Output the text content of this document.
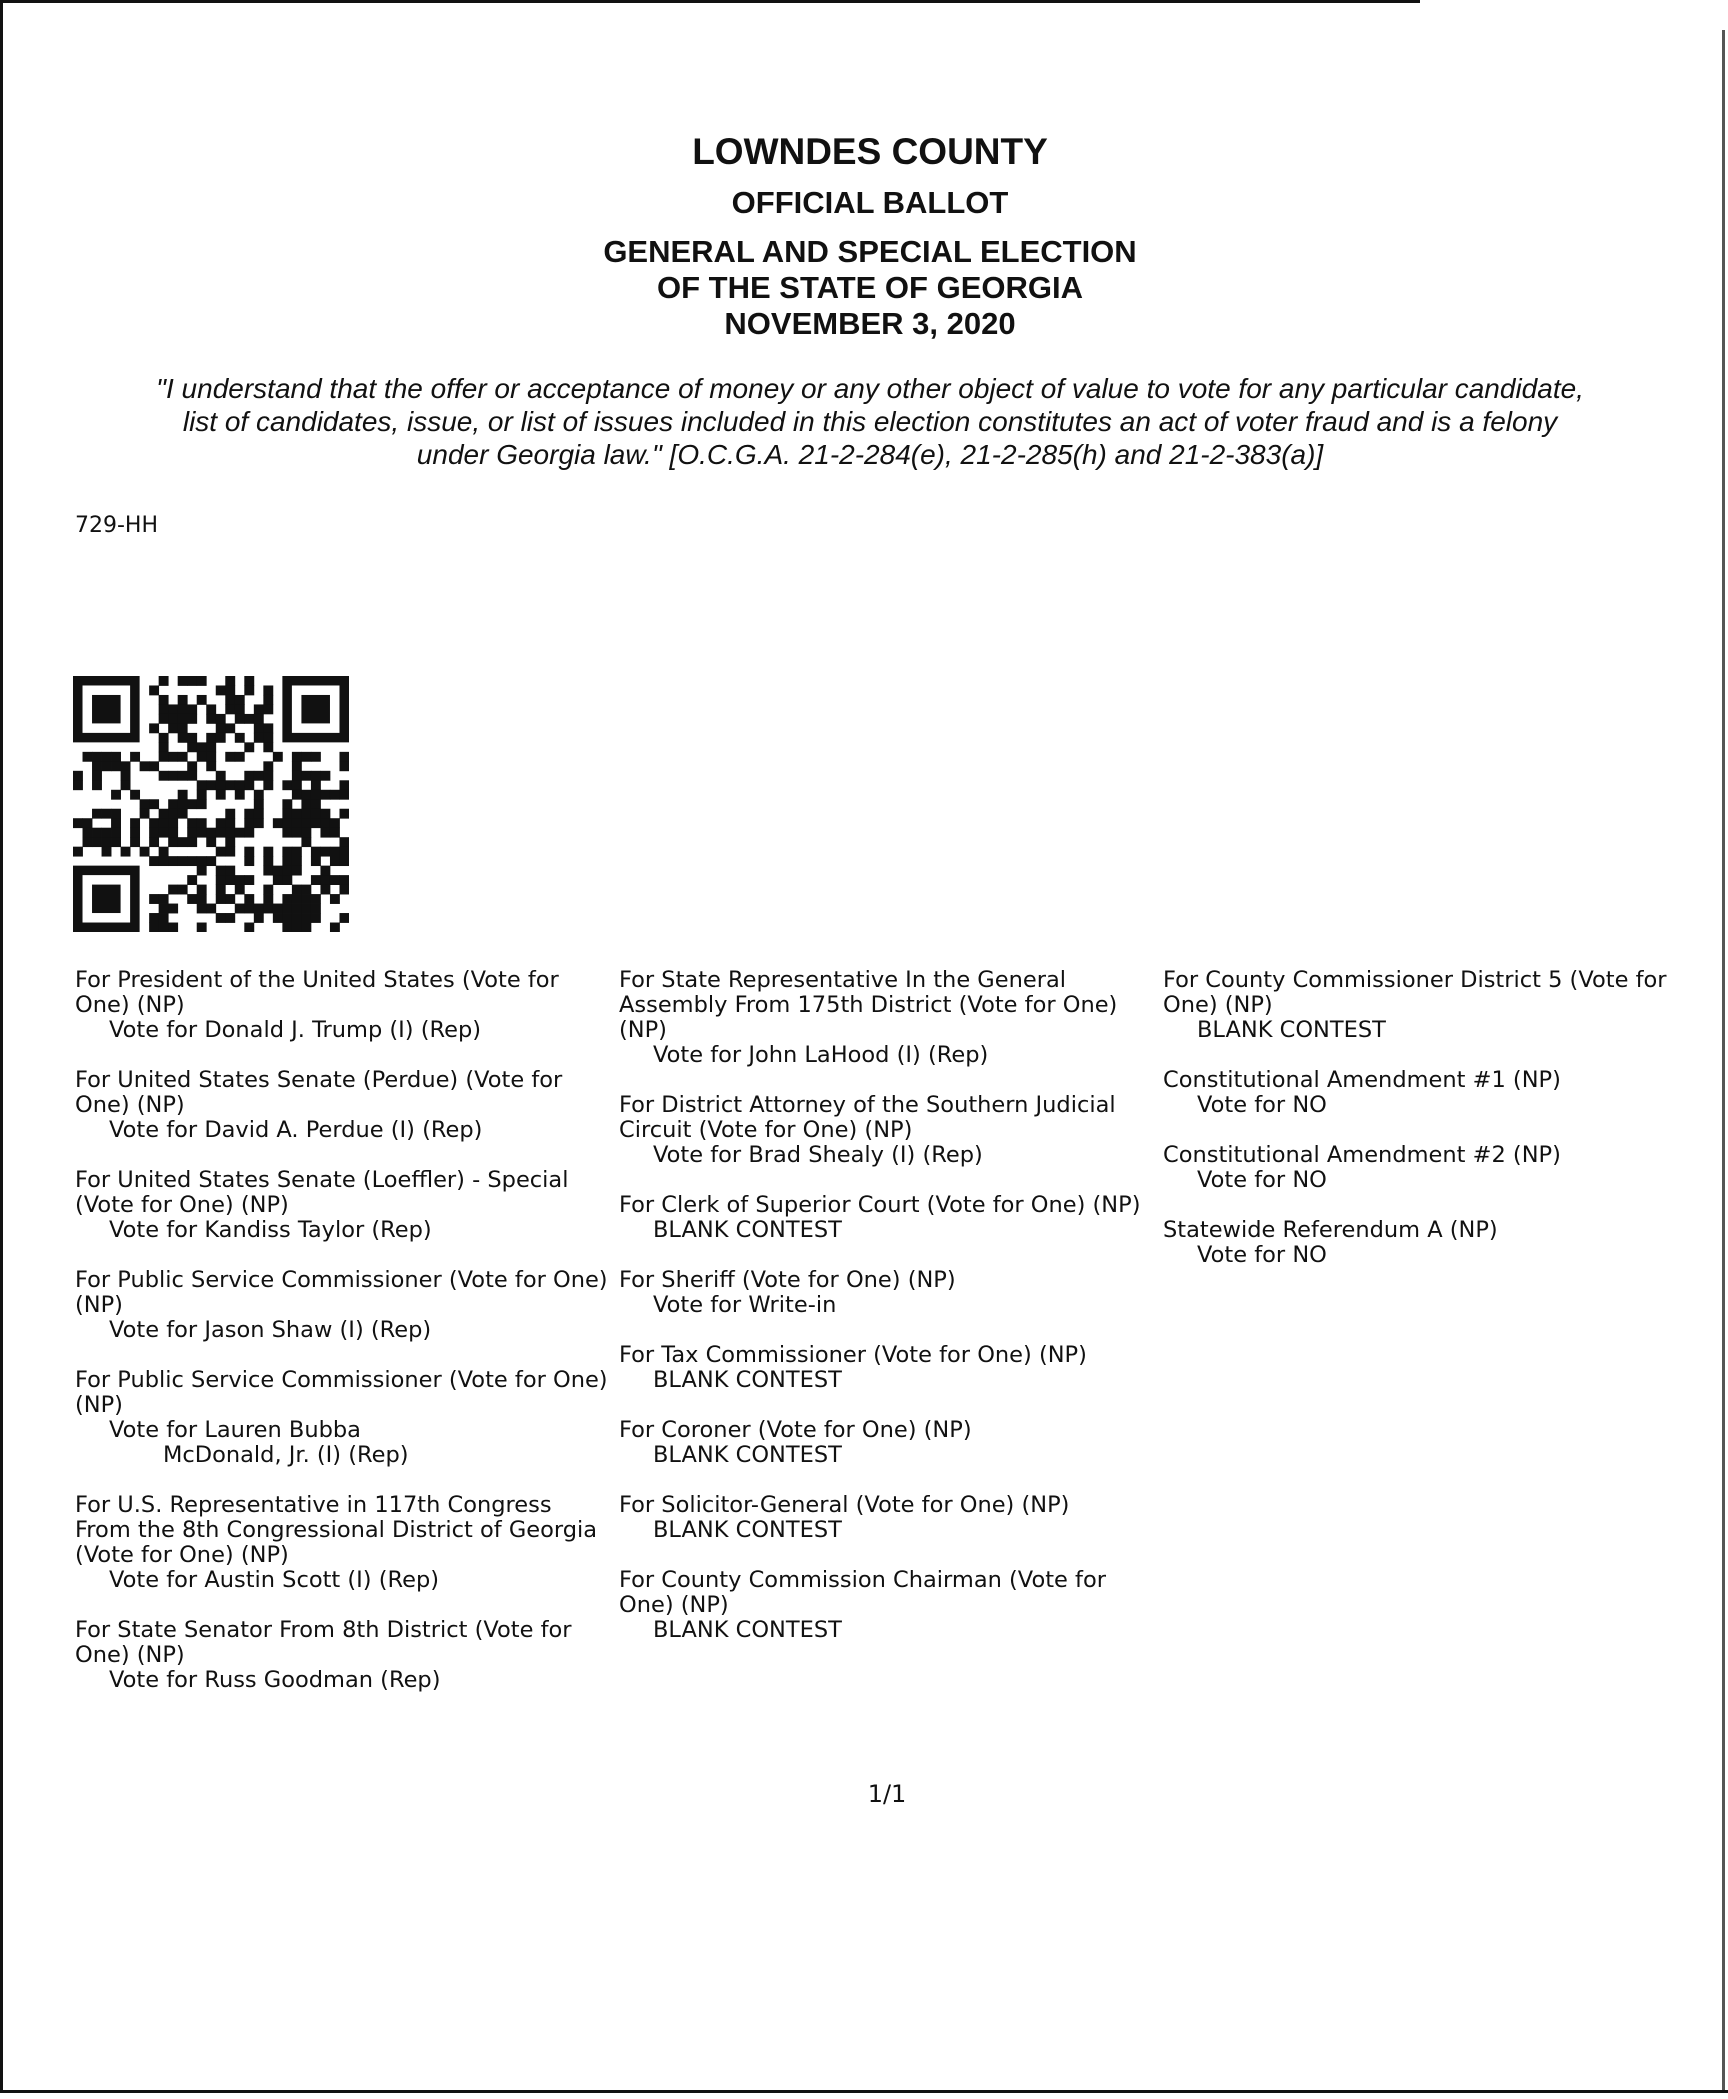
LOWNDES COUNTY
OFFICIAL BALLOT
GENERAL AND SPECIAL ELECTION
OF THE STATE OF GEORGIA
NOVEMBER 3, 2020
"I understand that the offer or acceptance of money or any other object of value to vote for any particular candidate,
list of candidates, issue, or list of issues included in this election constitutes an act of voter fraud and is a felony
under Georgia law." [O.C.G.A. 21-2-284(e), 21-2-285(h) and 21-2-383(a)]
729-HH
For President of the United States (Vote for One) (NP)
Vote for Donald J. Trump (I) (Rep)
For United States Senate (Perdue) (Vote for One) (NP)
Vote for David A. Perdue (I) (Rep)
For United States Senate (Loeffler) - Special (Vote for One) (NP)
Vote for Kandiss Taylor (Rep)
For Public Service Commissioner (Vote for One) (NP)
Vote for Jason Shaw (I) (Rep)
For Public Service Commissioner (Vote for One) (NP)
Vote for Lauren Bubba
McDonald, Jr. (I) (Rep)
For U.S. Representative in 117th Congress From the 8th Congressional District of Georgia (Vote for One) (NP)
Vote for Austin Scott (I) (Rep)
For State Senator From 8th District (Vote for One) (NP)
Vote for Russ Goodman (Rep)
For State Representative In the General Assembly From 175th District (Vote for One) (NP)
Vote for John LaHood (I) (Rep)
For District Attorney of the Southern Judicial Circuit (Vote for One) (NP)
Vote for Brad Shealy (I) (Rep)
For Clerk of Superior Court (Vote for One) (NP)
BLANK CONTEST
For Sheriff (Vote for One) (NP)
Vote for Write-in
For Tax Commissioner (Vote for One) (NP)
BLANK CONTEST
For Coroner (Vote for One) (NP)
BLANK CONTEST
For Solicitor-General (Vote for One) (NP)
BLANK CONTEST
For County Commission Chairman (Vote for One) (NP)
BLANK CONTEST
For County Commissioner District 5 (Vote for One) (NP)
BLANK CONTEST
Constitutional Amendment #1 (NP)
Vote for NO
Constitutional Amendment #2 (NP)
Vote for NO
Statewide Referendum A (NP)
Vote for NO
1/1
